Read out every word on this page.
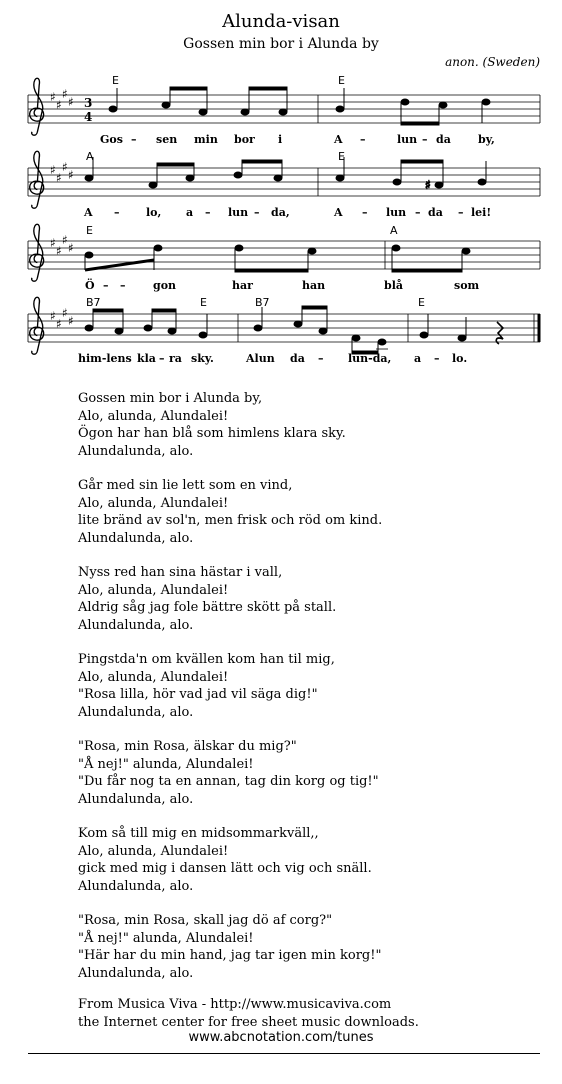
Alunda-visan
Gossen min bor i Alunda by
anon. (Sweden)
♯
♯
♯
♯ 3
4
E	E
Gos	sen min bor i	A	lun da by,
–	–	–
♯
♯
♯
♯
♯
A	E
A	lo, a	lun da,	A	lun da	lei!
–	–	–	–	–	–
♯
♯
♯
♯
E	A
Ö	gon	har	han	blå	som
– –
♯
♯
♯
♯
B7	E	B7	E
him-lens kla ra sky.	Alun da	lun-da, a	lo.
–	–	–
Gossen min bor i Alunda by,
Alo, alunda, Alundalei!
Ögon har han blå som himlens klara sky.
Alundalunda, alo.
Går med sin lie lett som en vind,
Alo, alunda, Alundalei!
lite bränd av sol'n, men frisk och röd om kind.
Alundalunda, alo.
Nyss red han sina hästar i vall,
Alo, alunda, Alundalei!
Aldrig såg jag fole bättre skött på stall.
Alundalunda, alo.
Pingstda'n om kvällen kom han til mig,
Alo, alunda, Alundalei!
"Rosa lilla, hör vad jad vil säga dig!"
Alundalunda, alo.
"Rosa, min Rosa, älskar du mig?"
"Å nej!" alunda, Alundalei!
"Du får nog ta en annan, tag din korg og tig!"
Alundalunda, alo.
Kom så till mig en midsommarkväll,,
Alo, alunda, Alundalei!
gick med mig i dansen lätt och vig och snäll.
Alundalunda, alo.
"Rosa, min Rosa, skall jag dö af corg?"
"Å nej!" alunda, Alundalei!
"Här har du min hand, jag tar igen min korg!"
Alundalunda, alo.
From Musica Viva - http://www.musicaviva.com
the Internet center for free sheet music downloads.
www.abcnotation.com/tunes
